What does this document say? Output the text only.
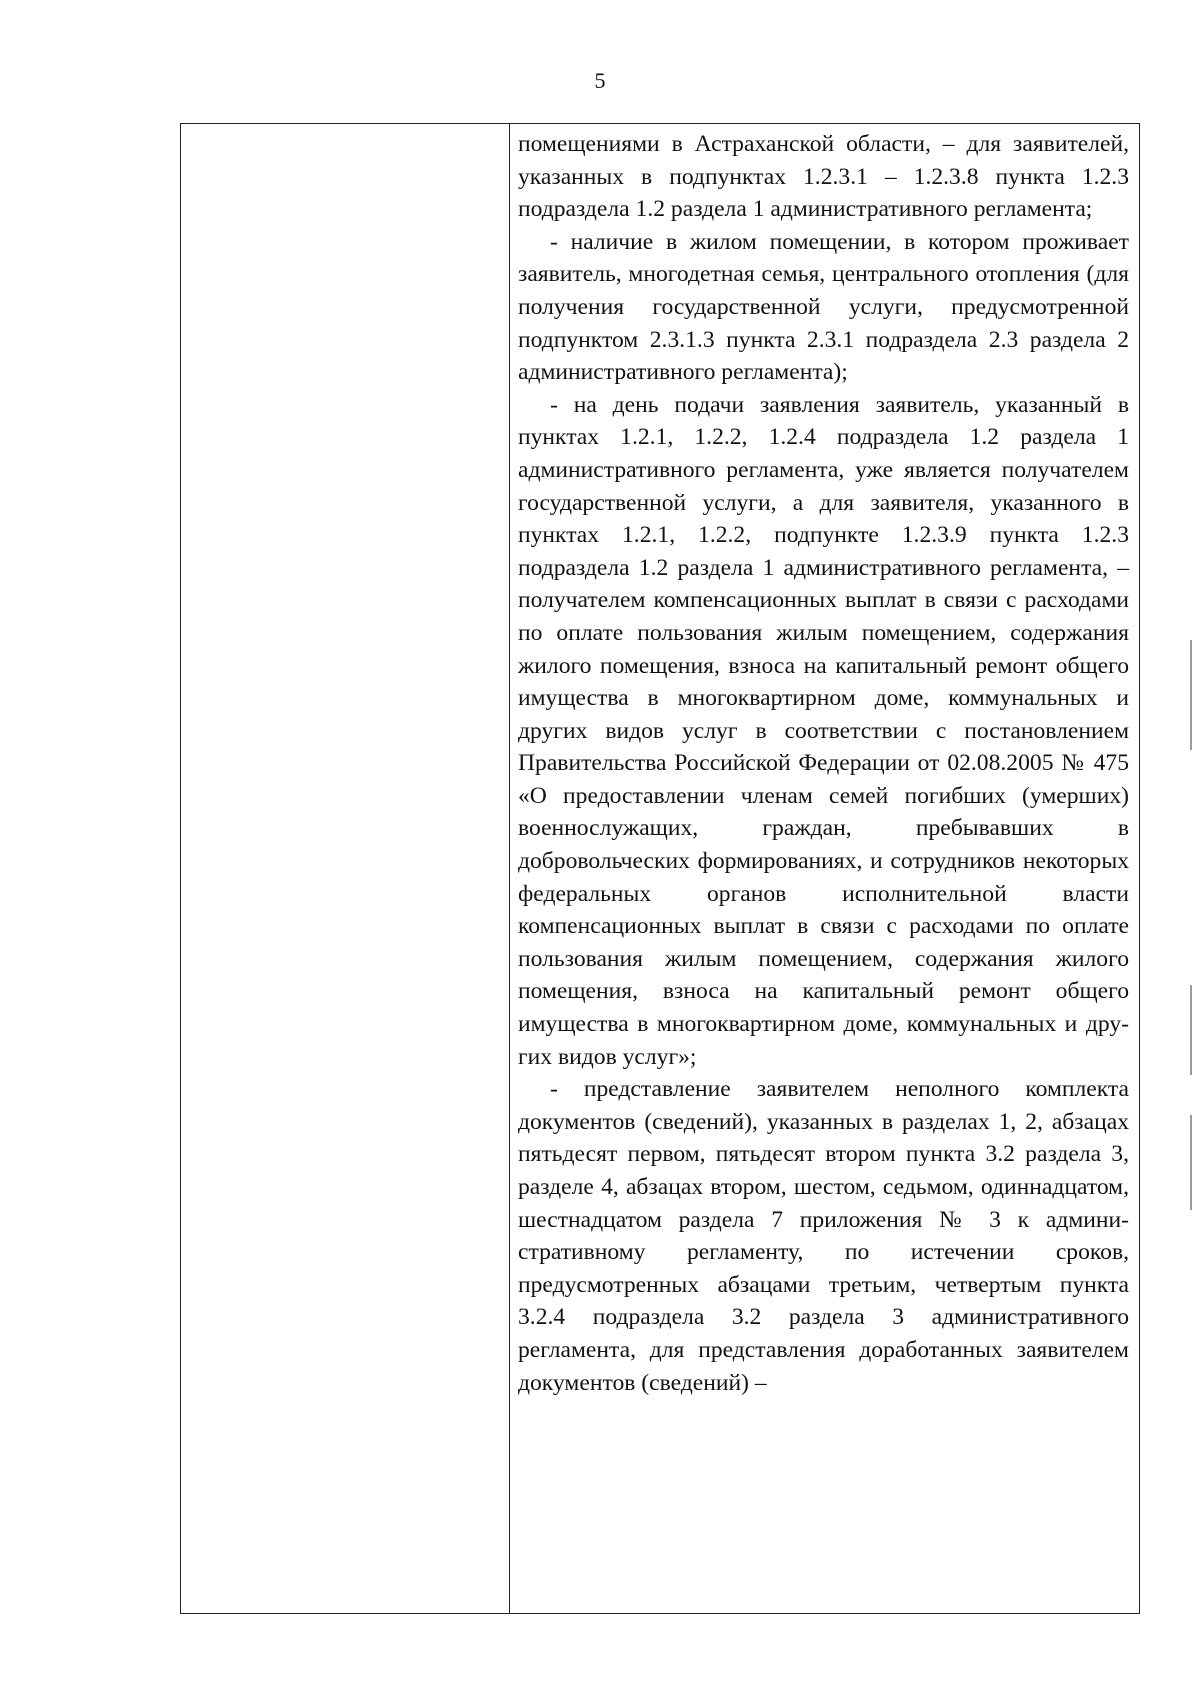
5

помещениями в Астраханской области, – для заявителей, указанных в подпунктах 1.2.3.1 – 1.2.3.8 пункта 1.2.3 подраздела 1.2 раздела 1 административного регламента;

- наличие в жилом помещении, в котором проживает заявитель, многодетная семья, центрального отопления (для получения государственной услуги, предусмотренной подпунктом 2.3.1.3 пункта 2.3.1 подраздела 2.3 раздела 2 административного регламента);

- на день подачи заявления заявитель, указанный в пунктах 1.2.1, 1.2.2, 1.2.4 подраздела 1.2 раздела 1 административного регламента, уже является получателем государственной услуги, а для заявителя, указанного в пунктах 1.2.1, 1.2.2, подпункте 1.2.3.9 пункта 1.2.3 подраздела 1.2 раздела 1 административного регламента, – получателем компенсационных выплат в связи с расходами по оплате пользования жилым помещением, содержания жилого помещения, взноса на капитальный ремонт общего имущества в многоквартирном доме, коммунальных и других видов услуг в соответствии с постановлением Правительства Российской Федерации от 02.08.2005 № 475 «О предоставлении членам семей погибших (умерших) военнослужащих, граждан, пребывавших в добровольческих формированиях, и сотрудников некоторых федеральных органов исполнительной власти компенсационных выплат в связи с расходами по оплате пользования жилым помещением, содержания жилого помещения, взноса на капитальный ремонт общего имущества в многоквартирном доме, коммунальных и других видов услуг»;

- представление заявителем неполного комплекта документов (сведений), указанных в разделах 1, 2, абзацах пятьдесят первом, пятьдесят втором пункта 3.2 раздела 3, разделе 4, абзацах втором, шестом, седьмом, одиннадцатом, шестнадцатом раздела 7 приложения № 3 к административному регламенту, по истечении сроков, предусмотренных абзацами третьим, четвертым пункта 3.2.4 подраздела 3.2 раздела 3 административного регламента, для представления доработанных заявителем документов (сведений) –
